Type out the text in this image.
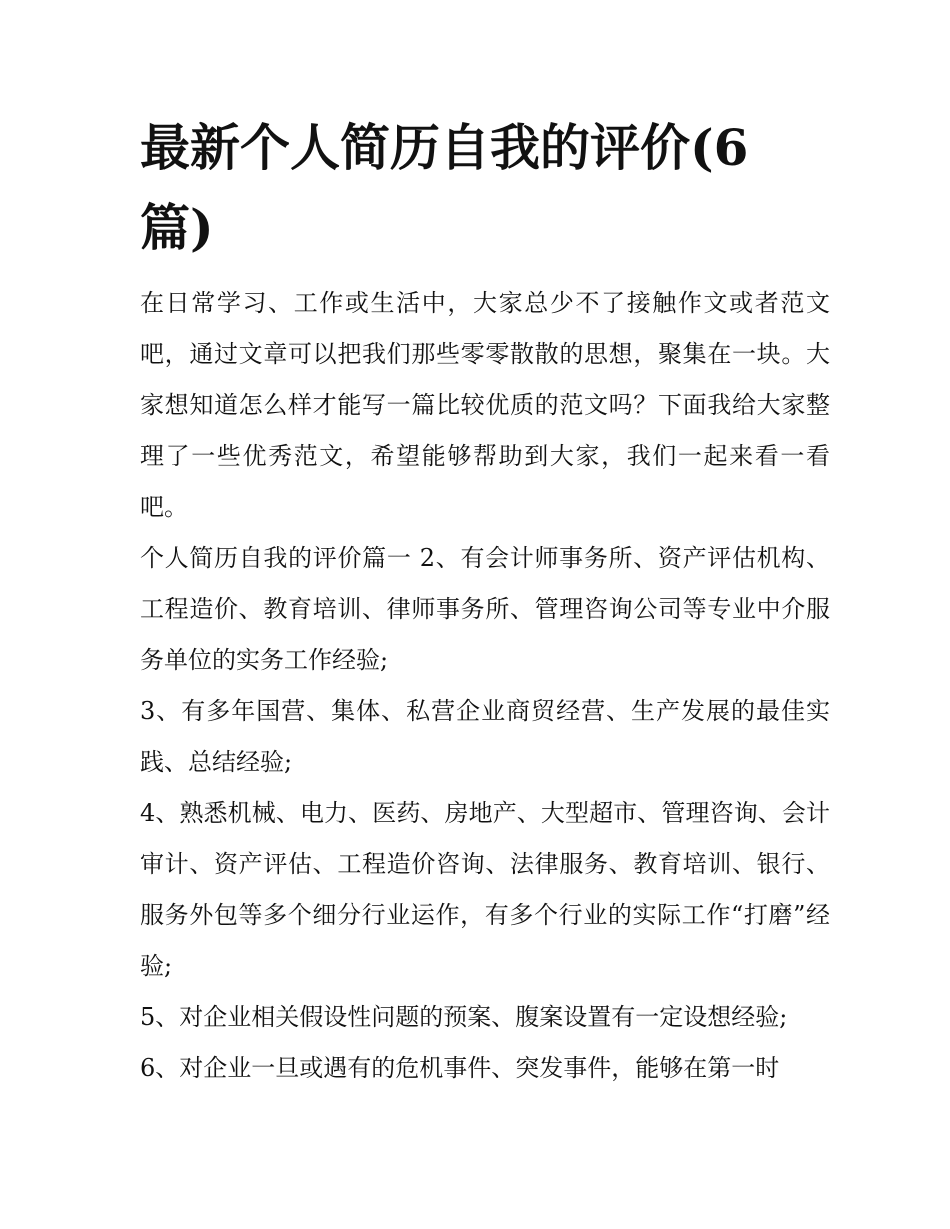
最新个人简历自我的评价(6篇)

在日常学习、工作或生活中，大家总少不了接触作文或者范文吧，通过文章可以把我们那些零零散散的思想，聚集在一块。大家想知道怎么样才能写一篇比较优质的范文吗？下面我给大家整理了一些优秀范文，希望能够帮助到大家，我们一起来看一看吧。

个人简历自我的评价篇一 2、有会计师事务所、资产评估机构、工程造价、教育培训、律师事务所、管理咨询公司等专业中介服务单位的实务工作经验;

3、有多年国营、集体、私营企业商贸经营、生产发展的最佳实践、总结经验;

4、熟悉机械、电力、医药、房地产、大型超市、管理咨询、会计审计、资产评估、工程造价咨询、法律服务、教育培训、银行、服务外包等多个细分行业运作，有多个行业的实际工作“打磨”经验;

5、对企业相关假设性问题的预案、腹案设置有一定设想经验;

6、对企业一旦或遇有的危机事件、突发事件，能够在第一时
